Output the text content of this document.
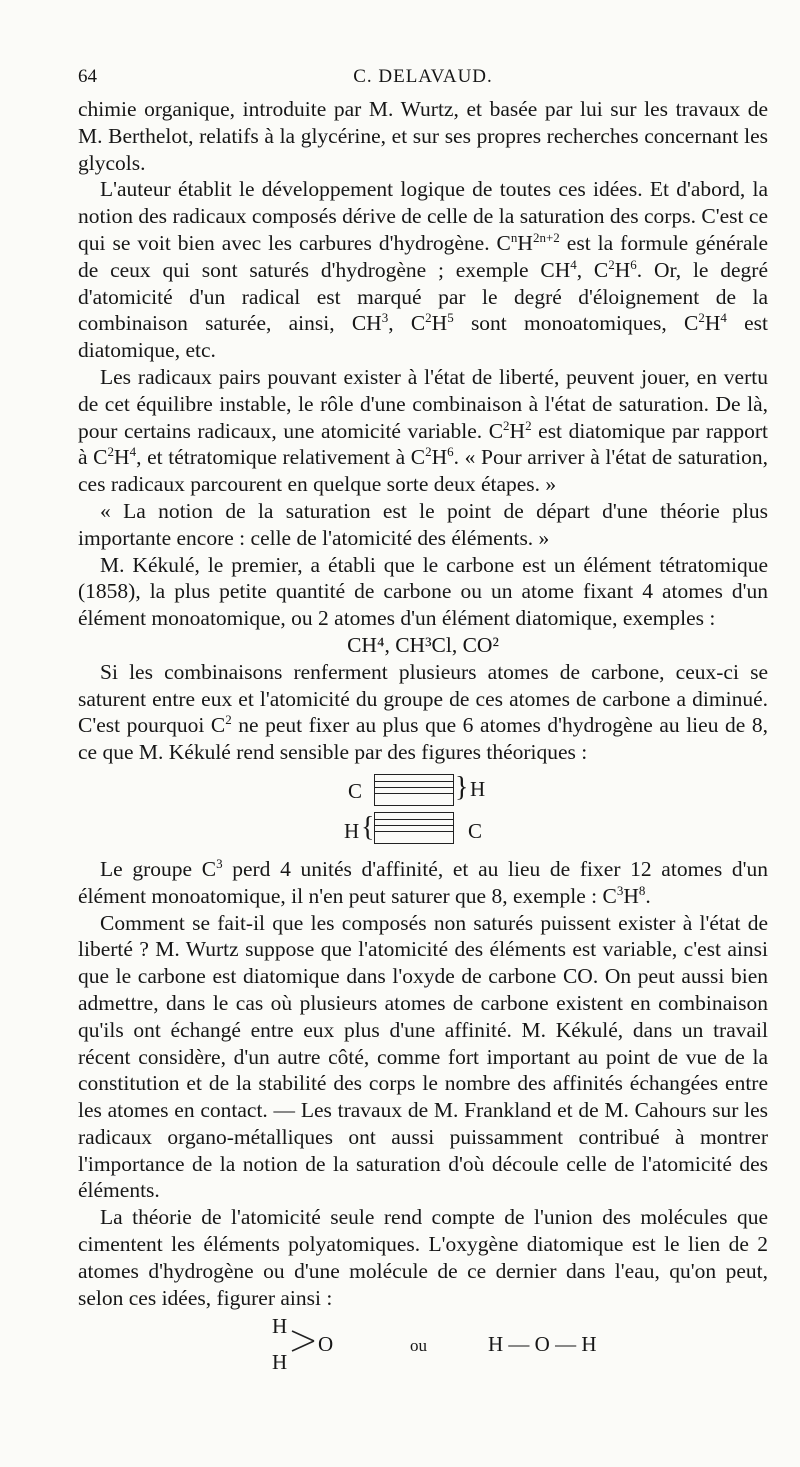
64	C. DELAVAUD.

chimie organique, introduite par M. Wurtz, et basée par lui sur les travaux de M. Berthelot, relatifs à la glycérine, et sur ses propres recherches concernant les glycols.

L'auteur établit le développement logique de toutes ces idées. Et d'abord, la notion des radicaux composés dérive de celle de la saturation des corps. C'est ce qui se voit bien avec les carbures d'hydrogène. $C^nH^{2n+2}$ est la formule générale de ceux qui sont saturés d'hydrogène ; exemple $CH^4$, $C^2H^6$. Or, le degré d'atomicité d'un radical est marqué par le degré d'éloignement de la combinaison saturée, ainsi, $CH^3$, $C^2H^5$ sont monoatomiques, $C^2H^4$ est diatomique, etc.

Les radicaux pairs pouvant exister à l'état de liberté, peuvent jouer, en vertu de cet équilibre instable, le rôle d'une combinaison à l'état de saturation. De là, pour certains radicaux, une atomicité variable. $C^2H^2$ est diatomique par rapport à $C^2H^4$, et tétratomique relativement à $C^2H^6$. « Pour arriver à l'état de saturation, ces radicaux parcourent en quelque sorte deux étapes. »

« La notion de la saturation est le point de départ d'une théorie plus importante encore : celle de l'atomicité des éléments. »

M. Kékulé, le premier, a établi que le carbone est un élément tétratomique (1858), la plus petite quantité de carbone ou un atome fixant 4 atomes d'un élément monoatomique, ou 2 atomes d'un élément diatomique, exemples :

CH⁴, CH³Cl, CO²

Si les combinaisons renferment plusieurs atomes de carbone, ceux-ci se saturent entre eux et l'atomicité du groupe de ces atomes de carbone a diminué. C'est pourquoi $C^2$ ne peut fixer au plus que 6 atomes d'hydrogène au lieu de 8, ce que M. Kékulé rend sensible par des figures théoriques :

C	} H
H {	C

Le groupe $C^3$ perd 4 unités d'affinité, et au lieu de fixer 12 atomes d'un élément monoatomique, il n'en peut saturer que 8, exemple : $C^3H^8$.

Comment se fait-il que les composés non saturés puissent exister à l'état de liberté ? M. Wurtz suppose que l'atomicité des éléments est variable, c'est ainsi que le carbone est diatomique dans l'oxyde de carbone CO. On peut aussi bien admettre, dans le cas où plusieurs atomes de carbone existent en combinaison qu'ils ont échangé entre eux plus d'une affinité. M. Kékulé, dans un travail récent considère, d'un autre côté, comme fort important au point de vue de la constitution et de la stabilité des corps le nombre des affinités échangées entre les atomes en contact. — Les travaux de M. Frankland et de M. Cahours sur les radicaux organo-métalliques ont aussi puissamment contribué à montrer l'importance de la notion de la saturation d'où découle celle de l'atomicité des éléments.

La théorie de l'atomicité seule rend compte de l'union des molécules que cimentent les éléments polyatomiques. L'oxygène diatomique est le lien de 2 atomes d'hydrogène ou d'une molécule de ce dernier dans l'eau, qu'on peut, selon ces idées, figurer ainsi :

H
H
O	ou	H — O — H
